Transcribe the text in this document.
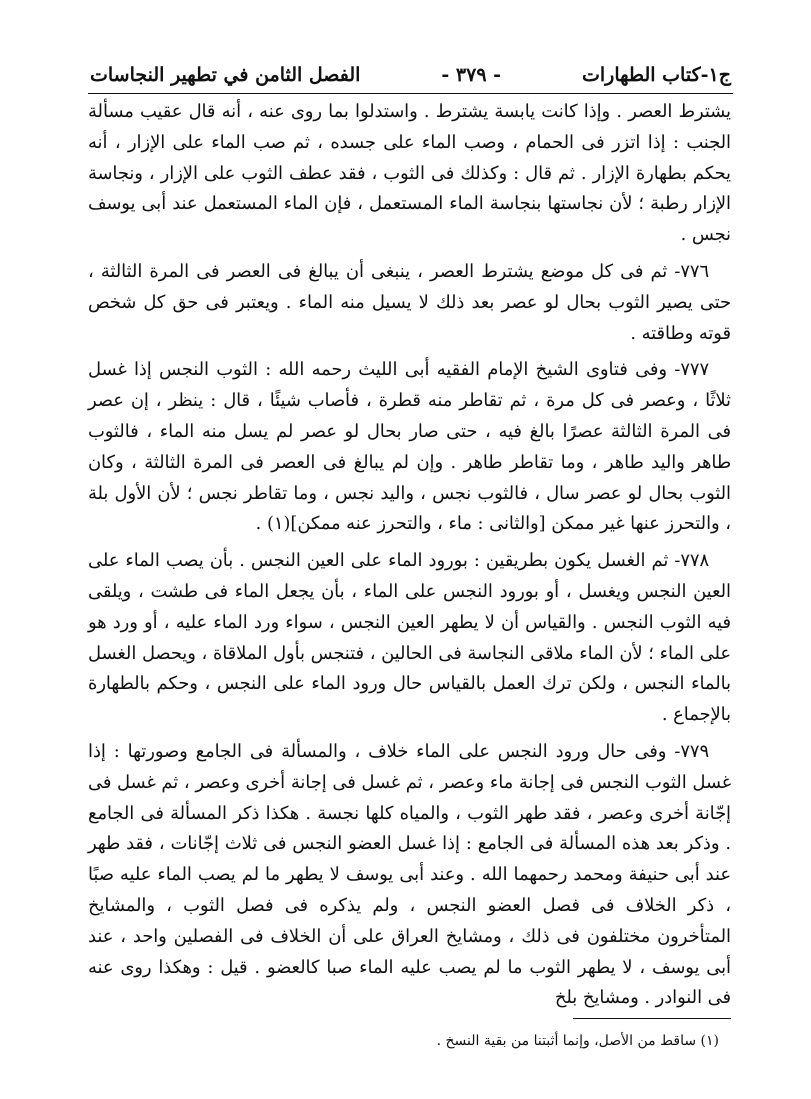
ج١-كتاب الطهارات
- ٣٧٩ -
الفصل الثامن في تطهير النجاسات

يشترط العصر . وإذا كانت يابسة يشترط . واستدلوا بما روى عنه ، أنه قال عقيب مسألة الجنب : إذا اتزر فى الحمام ، وصب الماء على جسده ، ثم صب الماء على الإزار ، أنه يحكم بطهارة الإزار . ثم قال : وكذلك فى الثوب ، فقد عطف الثوب على الإزار ، ونجاسة الإزار رطبة ؛ لأن نجاستها بنجاسة الماء المستعمل ، فإن الماء المستعمل عند أبى يوسف نجس .

٧٧٦- ثم فى كل موضع يشترط العصر ، ينبغى أن يبالغ فى العصر فى المرة الثالثة ، حتى يصير الثوب بحال لو عصر بعد ذلك لا يسيل منه الماء . ويعتبر فى حق كل شخص قوته وطاقته .

٧٧٧- وفى فتاوى الشيخ الإمام الفقيه أبى الليث رحمه الله : الثوب النجس إذا غسل ثلاثًا ، وعصر فى كل مرة ، ثم تقاطر منه قطرة ، فأصاب شيئًا ، قال : ينظر ، إن عصر فى المرة الثالثة عصرًا بالغ فيه ، حتى صار بحال لو عصر لم يسل منه الماء ، فالثوب طاهر واليد طاهر ، وما تقاطر طاهر . وإن لم يبالغ فى العصر فى المرة الثالثة ، وكان الثوب بحال لو عصر سال ، فالثوب نجس ، واليد نجس ، وما تقاطر نجس ؛ لأن الأول بلة ، والتحرز عنها غير ممكن [والثانى : ماء ، والتحرز عنه ممكن](١) .

٧٧٨- ثم الغسل يكون بطريقين : بورود الماء على العين النجس . بأن يصب الماء على العين النجس ويغسل ، أو بورود النجس على الماء ، بأن يجعل الماء فى طشت ، ويلقى فيه الثوب النجس . والقياس أن لا يطهر العين النجس ، سواء ورد الماء عليه ، أو ورد هو على الماء ؛ لأن الماء ملاقى النجاسة فى الحالين ، فتنجس بأول الملاقاة ، ويحصل الغسل بالماء النجس ، ولكن ترك العمل بالقياس حال ورود الماء على النجس ، وحكم بالطهارة بالإجماع .

٧٧٩- وفى حال ورود النجس على الماء خلاف ، والمسألة فى الجامع وصورتها : إذا غسل الثوب النجس فى إجانة ماء وعصر ، ثم غسل فى إجانة أخرى وعصر ، ثم غسل فى إجّانة أخرى وعصر ، فقد طهر الثوب ، والمياه كلها نجسة . هكذا ذكر المسألة فى الجامع . وذكر بعد هذه المسألة فى الجامع : إذا غسل العضو النجس فى ثلاث إجّانات ، فقد طهر عند أبى حنيفة ومحمد رحمهما الله . وعند أبى يوسف لا يطهر ما لم يصب الماء عليه صبًا ، ذكر الخلاف فى فصل العضو النجس ، ولم يذكره فى فصل الثوب ، والمشايخ المتأخرون مختلفون فى ذلك ، ومشايخ العراق على أن الخلاف فى الفصلين واحد ، عند أبى يوسف ، لا يطهر الثوب ما لم يصب عليه الماء صبا كالعضو . قيل : وهكذا روى عنه فى النوادر . ومشايخ بلخ

(١) ساقط من الأصل، وإنما أثبتنا من بقية النسخ .
